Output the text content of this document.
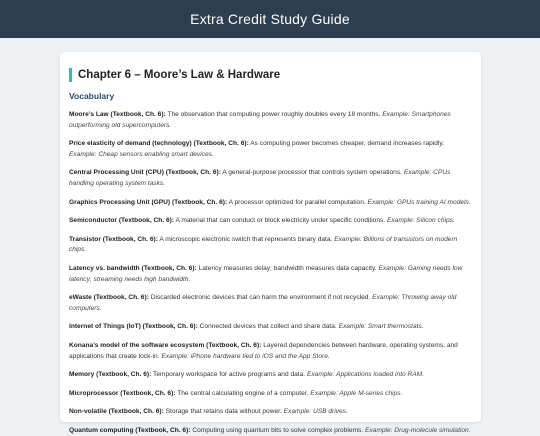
Extra Credit Study Guide
Chapter 6 – Moore’s Law & Hardware
Vocabulary

Moore’s Law (Textbook, Ch. 6): The observation that computing power roughly doubles every 18 months. Example: Smartphones outperforming old supercomputers.

Price elasticity of demand (technology) (Textbook, Ch. 6): As computing power becomes cheaper, demand increases rapidly. Example: Cheap sensors enabling smart devices.

Central Processing Unit (CPU) (Textbook, Ch. 6): A general-purpose processor that controls system operations. Example: CPUs handling operating system tasks.

Graphics Processing Unit (GPU) (Textbook, Ch. 6): A processor optimized for parallel computation. Example: GPUs training AI models.

Semiconductor (Textbook, Ch. 6): A material that can conduct or block electricity under specific conditions. Example: Silicon chips.

Transistor (Textbook, Ch. 6): A microscopic electronic switch that represents binary data. Example: Billions of transistors on modern chips.

Latency vs. bandwidth (Textbook, Ch. 6): Latency measures delay; bandwidth measures data capacity. Example: Gaming needs low latency; streaming needs high bandwidth.

eWaste (Textbook, Ch. 6): Discarded electronic devices that can harm the environment if not recycled. Example: Throwing away old computers.

Internet of Things (IoT) (Textbook, Ch. 6): Connected devices that collect and share data. Example: Smart thermostats.

Konana’s model of the software ecosystem (Textbook, Ch. 6): Layered dependencies between hardware, operating systems, and applications that create lock-in. Example: iPhone hardware tied to iOS and the App Store.

Memory (Textbook, Ch. 6): Temporary workspace for active programs and data. Example: Applications loaded into RAM.

Microprocessor (Textbook, Ch. 6): The central calculating engine of a computer. Example: Apple M-series chips.

Non-volatile (Textbook, Ch. 6): Storage that retains data without power. Example: USB drives.

Quantum computing (Textbook, Ch. 6): Computing using quantum bits to solve complex problems. Example: Drug-molecule simulation.
